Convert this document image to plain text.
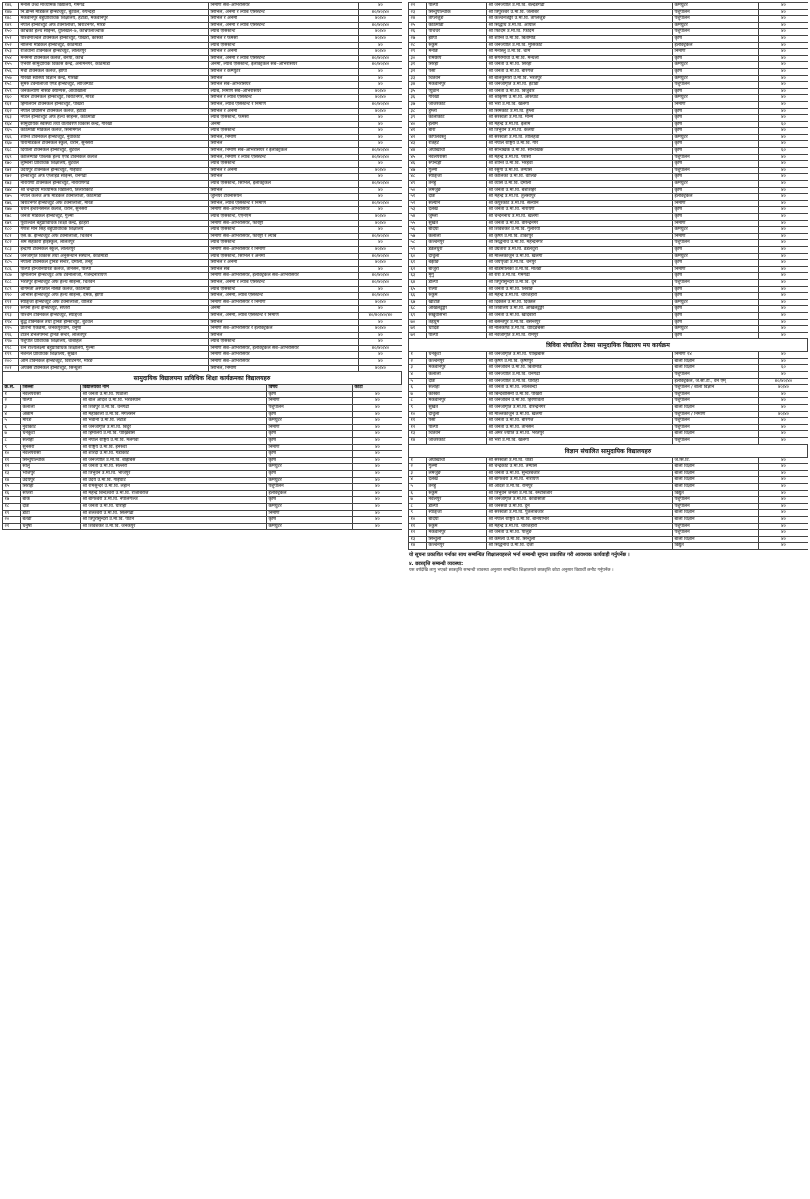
१४६	मनास उच्च माध्यमिक विद्यालय, गमगढ	निर्माण सब–ओभरसियर	४०
१४७	नि.डार्न्स मेडिकल इन्स्टिच्युट, बुटवल, रुपन्देही	सिभिल, अनमी र ल्याब एसिस्टेन्ट	४०/४०/४०
१४८	मकवानपुर बहुप्राविधिक शिक्षालय, हेटौंडा, मकवानपुर	सिभिल र अनमी	४०/४०
१४९	नेपाल ईन्स्टिच्युट अफ टेक्नोलोजी, बिराटनगर, मोरङ	सिभिल, अनमी र ल्याब एसिस्टेन्ट	४०/४०/४०
१५०	काभ्रेको हेल्थ साइन्स, धुलिखेल–७, काभ्रेपलाञ्चोक	ल्याब एसिस्टेन्ट	४०/४०
१५१	पश्चिमाञ्चल टेक्निकल इन्स्टिच्युट, पोखरा, कास्की	सिभिल र फर्मेसी	४०/४०
१५२	नालिना मेडिकल इन्स्टिच्युट, काठमाडौं	ल्याब एसिस्टेन्ट	४०
१५३	राजधानी टेक्निकल इन्स्टिच्युट, ललितपुर	सिभिल र अनमी	४०/४०
१५४	मनमनी टेक्निकल कलेज, बनेपा, काभ्रे	सिभिल, अनमी र ल्याब एसिस्टेन्ट	४०/४०/४०
१५५	एभरेष्ट सामुदायिक विकास केन्द्र, अनामनगर, काठमाडौं	अनमी, ल्याब एसिस्टेन्ट, इलेक्ट्रिकल सब–ओभरसियर	४०/४०/४०
१५६	मेची टेक्निकल कलेज, झापा	सिभिल र कम्प्युटर	४०
१५७	गोरखा स्वास्थ्य विज्ञान केन्द्र, गोरखा	सिभिल	४०
१५८	सुमेरु टेक्नोलोजी एण्ड इन्स्टिच्युट, लाजिम्पाट	सिभिल सब–ओभरसियर	४०
१५९	जनकल्याण नर्सिङ क्याम्पस, आँधीखोला	ल्याब, निर्माण सब–ओभरसियर	४०/४०
१६०	मोर्डन टेक्निकल इन्स्टिच्युट, बिराटनगर, मोरङ	सिभिल र ल्याब एसिस्टेन्ट	४०/४०
१६१	हिमालयन टेक्निकल इन्स्टिच्युट, पोखरा	सिभिल, ल्याब एसिस्टेन्ट र निर्माण	४०/४०/४०
१६२	नेपाल प्रोग्रेसिभ टेक्निकल कलेज, हेटौंडा	सिभिल र अनमी	४०/४०
१६३	नेपाल इन्स्टिच्युट अफ हेल्थ साइन्स, काठमाडौं	ल्याब एसिस्टेन्ट, फर्मेसी	४०
१६४	सामुदायिक स्वास्थ्य तथा वातावरण विकास केन्द्र, गोरखा	अनमी	४०
१६५	काठमाडौं मेडिकल कलेज, सिनामंगल	ल्याब एसिस्टेन्ट	४०
१६६	शान्ति टेक्निकल इन्स्टिच्युट, नुवाकोट	सिभिल, निर्माण	४०
१६७	पारामेडिकल टेक्निकल स्कुल, धरान, सुनसरी	सिभिल	४०
१६८	दियालो टेक्निकल इन्स्टिच्युट, बुटवल	सिभिल, निर्माण सब–ओभरसियर र इलेक्ट्रिकल	४०/४०/४०
१६९	कालिम्पाङ पब्लिक हेल्थ एण्ड टेक्निकल कलेज	सिभिल, निर्माण र ल्याब एसिस्टेन्ट	४०/४०/४०
१७०	लुम्बिनी प्राविधिक शिक्षालय, बुटवल	ल्याब एसिस्टेन्ट	४०
१७१	उदयपुर टेक्निकल इन्स्टिच्युट, गाईघाट	सिभिल र अनमी	४०/४०
१७२	इन्स्टिच्युट अफ एप्लाइड साइन्स, धनगढी	सिभिल	४०
१७३	नारायणी टेक्निकल इन्स्टिच्युट, नारायणगढ	ल्याब एसिस्टेन्ट, सिभिल, इलेक्ट्रिकल	४०/४०/४०
१७४	श्री चन्द्रोदय माध्यमिक विद्यालय, तिलौराकोट	सिभिल	४०
१७५	नेपाल कलेज अफ मेडिकल टेक्नोलोजी, काठमाडौं	जुनियर टेक्निसियन	४०
१७६	बिराटनगर इन्स्टिच्युट अफ टेक्नोलोजी, मोरङ	सिभिल, ल्याब एसिस्टेन्ट र निर्माण	४०/४०/४०
१७७	धरान इन्टरनेसनल कलेज, धरान, सुनसरी	निर्माण सब–ओभरसियर	४०
१७८	जनता मेडिकल इन्स्टिच्युट, गुल्मी	ल्याब एसिस्टेन्ट, एएनएम	४०/४०
१७९	पूर्वाञ्चल बहुप्राविधिक शिक्षा केन्द्र, इटहरी	निर्माण सब–ओभरसियर, फोरेष्ट्री	४०/४०
१८०	गणेश मान सिंह बहुप्राविधिक शिक्षालय	ल्याब एसिस्टेन्ट	४०
१८१	एस.के. इन्स्टिच्युट अफ टेक्नोलोजी, चितवन	निर्माण सब–ओभरसियर, फोरेष्ट्री र ल्याब	४०/४०/४०
१८२	श्रम सहकारी हाइस्कुल, ललितपुर	ल्याब एसिस्टेन्ट	४०
१८३	इन्द्रेणी टेक्निकल स्कुल, ललितपुर	निर्माण सब–ओभरसियर र निर्माण	४०/४०
१८४	जनजागृति विकास तथा अनुसन्धान संस्थान, काठमाडौं	ल्याब एसिस्टेन्ट, सिभिल र अनमी	४०/४०/४०
१८५	नेपाली टेक्निकल ट्रेनिङ सेन्टर, दमौली, तनहुँ	सिभिल र अनमी	४०/४०
१८६	पाल्पा इन्जिनियरिङ कलेज, तानसेन, पाल्पा	सिभिल सब	४०
१८७	हिमालयन इन्स्टिच्युट अफ टेक्नोलोजी, गजेन्द्रनारायण	निर्माण सब–ओभरसियर, इलेक्ट्रिकल सब–ओभरसियर	४०/४०/४०
१८८	भरतपुर इन्स्टिच्युट अफ हेल्थ साइन्स, चितवन	सिभिल, अनमी र ल्याब एसिस्टेन्ट	४०/४०/४०
१८९	बागमती अस्पताल नर्सिङ कलेज, काठमाडौं	ल्याब एसिस्टेन्ट	४०
१९०	आभास इन्स्टिच्युट अफ हेल्थ साइन्स, दमक, झापा	सिभिल, अनमी, ल्याब एसिस्टेन्ट	४०/४०/४०
१९१	स्याङ्जा इन्स्टिच्युट अफ टेक्नोलोजी, वालिङ	निर्माण सब–ओभरसियर र निर्माण	४०/४०
१९२	रूपनी हेल्थ इन्स्टिच्युट, सप्तरी	अनमी	४०
१९३	पश्चिम टेक्निकल इन्स्टिच्युट, स्याङ्जा	सिभिल, अनमी, ल्याब एसिस्टेन्ट र निर्माण	४०/४०/४०/४०
१९४	बुद्ध टेक्निकल तथा ट्रेनिङ इन्स्टिच्युट, बुटवल	सिभिल	४०
१९५	प्रतिभा एकेडेमी, जनकपुरधाम, धनुषा	निर्माण सब–ओभरसियर र इलेक्ट्रिकल	४०/४०
१९६	टाउन डेभलपमेन्ट ट्रेनिङ सेन्टर, ललितपुर	सिभिल	४०
१९७	पशुपति प्राविधिक शिक्षालय, चाबहिल	ल्याब एसिस्टेन्ट	४०
१९८	रत्न राज्यलक्ष्मी बहुप्राविधिक शिक्षालय, गुल्मी	निर्माण सब–ओभरसियर, इलेक्ट्रिकल सब–ओभरसियर	४०/४०/४०
१९९	नेशनल प्राविधिक शिक्षालय, सुर्खेत	निर्माण सब–ओभरसियर	४०
२००	ओम टेक्निकल इन्स्टिच्युट, विराटनगर, मोरङ	निर्माण सब–ओभरसियर	४०
२०१	अपेक्स टेक्निकल इन्स्टिच्युट, सिन्धुली	सिभिल, निर्माण	४०/४०
सामुदायिक विद्यालयमा प्राविधिक शिक्षा कार्यक्रमका विद्यालयहरु
क्र.सं.	जिल्ला	विद्यालयको नाम	विषय	कोटा
१	नवलपरासी	श्री जनता उ.मा.वि. पिठौली	कृषि	४०
२	पाल्पा	श्री बाल आदर्श उ.मा.वि. भैरवस्थान	निर्माण	४०
३	कैलाली	श्री शिवपुर उ.मा.वि. धनगढी	पशुपालन	४०
४	अछाम	श्री महाकाली उ.मा.वि. मंगलसेन	कृषि	४०
५	मोरङ	श्री भवानी उ.मा.वि. लेटाङ	कम्प्युटर	४०
६	नुवाकोट	श्री जनजागृति उ.मा.वि. बिदुर	निर्माण	४०
७	धनकुटा	श्री हिमालय उ.मा.वि. पाख्रिबास	कृषि	४०
८	सर्लाही	श्री नेपाल राष्ट्रिय उ.मा.वि. मलंगवा	कृषि	४०
९	सुनसरी	श्री राष्ट्रिय उ.मा.वि. इनरुवा	निर्माण	४०
१०	नवलपरासी	श्री शारदा उ.मा.वि. गैडाकोट	कृषि	४०
११	सिन्धुपाल्चोक	श्री जनज्योति उ.मा.वि. बाह्रबिसे	कृषि	४०
१२	सोलु	श्री जनता उ.मा.वि. सल्लेरी	कम्प्युटर	४०
१३	भोजपुर	श्री त्रिभुवन उ.मा.वि. भोजपुर	कृषि	४०
१४	उदयपुर	श्री उदय उ.मा.वि. गाईघाट	कम्प्युटर	४०
१५	सिराहा	श्री रामसुन्दर उ.मा.वि. लहान	पशुपालन	४०
१६	सप्तरी	श्री महेन्द्र बिन्देश्वरी उ.मा.वि. राजबिराज	इलेक्ट्रिकल	४०
१७	बाँके	श्री बागेश्वरी उ.मा.वि. नेपालगञ्ज	कृषि	४०
१८	दाङ	श्री जनता उ.मा.वि. घोराही	कम्प्युटर	४०
१९	डोटी	श्री शैलेश्वरी उ.मा.वि. सिलगढी	निर्माण	४०
२०	बैतडी	श्री त्रिपुरासुन्दरी उ.मा.वि. पाटन	कृषि	४०
२१	धनुषा	श्री शिवशंकर उ.मा.वि. जनकपुर	कम्प्युटर	४०
२२	पाल्पा	श्री जनज्योति उ.मा.वि. बल्दैङगढी	कम्प्युटर	४०
२३	सिन्धुपाल्चोक	श्री त्रिपुरेश्वर उ.मा.वि. जलबिरे	पशुपालन	४०
२४	ताप्लेजुङ	श्री कञ्चनजङ्घा उ.मा.वि. ताप्लेजुङ	पशुपालन	४०
२५	काठमाडौं	श्री सिद्धार्थ उ.मा.वि. आयालै	कम्प्युटर	४०
२६	पाँचथर	श्री फिदिम उ.मा.वि. फिदिम	पशुपालन	४०
२७	झापा	श्री शान्ति उ.मा.वि. बिर्तामोड	कृषि	४०
२८	रुकुम	श्री जनज्योति उ.मा.वि. मुसिकोट	इलेक्ट्रिकल	४०
२९	मनाङ	श्री मनास्लु उ.मा.वि. चामे	निर्माण	४०
३०	रामेछाप	श्री सगरमाथा उ.मा.वि. मन्थली	कृषि	४०
३१	सिरहा	श्री जनता उ.मा.वि. सिरहा	कम्प्युटर	४०
३२	पर्सा	श्री जनता उ.मा.वि. बीरगंज	कृषि	४०
३३	चितवन	श्री बालकुमारी उ.मा.वि. भरतपुर	कम्प्युटर	४०
३४	मकवानपुर	श्री जनजागृति उ.मा.वि. हेटौंडा	पशुपालन	४०
३५	प्युठान	श्री जनता उ.मा.वि. बिजुवार	कृषि	४०
३६	गोरखा	श्री श्रीकृष्ण उ.मा.वि. आरुघाट	कम्प्युटर	४०
३७	जाजरकोट	श्री भेरी उ.मा.वि. खलंगा	निर्माण	४०
३८	हुम्ला	श्री सिमकोट उ.मा.वि. हुम्ला	कृषि	४०
३९	कालीकोट	श्री सरस्वती उ.मा.वि. मान्म	कृषि	४०
४०	ईलाम	श्री महेन्द्र उ.मा.वि. ईलाम	कृषि	६०
४१	बारा	श्री त्रिभुवन उ.मा.वि. कलैया	कृषि	४०
४२	कपिलवस्तु	श्री सरस्वती उ.मा.वि. तौलिहवा	कम्प्युटर	४०
४३	रौतहट	श्री नेपाल राष्ट्रिय उ.मा.वि. गौर	कृषि	४०
४४	अर्घाखाँची	श्री सन्धिखर्क उ.मा.वि. सन्धिखर्क	कृषि	६०
४५	नवलपरासी	श्री महेन्द्र उ.मा.वि. परासी	पशुपालन	४०
४६	रुपन्देही	श्री शान्ति उ.मा.वि. भैरहवा	कृषि	४०
४७	गुल्मी	श्री रेसुंगा उ.मा.वि. तम्घास	पशुपालन	४०
४८	स्याङ्जा	श्री कालिका उ.मा.वि. वालिङ	कृषि	४०
४९	तनहुँ	श्री व्यास उ.मा.वि. दमौली	कम्प्युटर	४०
५०	लमजुङ	श्री जनता उ.मा.वि. बेशीशहर	कृषि	४०
५१	दाङ	श्री महेन्द्र उ.मा.वि. तुलसीपुर	इलेक्ट्रिकल	४०
५२	सल्यान	श्री कपुरकोट उ.मा.वि. सल्यान	निर्माण	४०
५३	दैलेख	श्री जनता उ.मा.वि. नारायण	कृषि	४०
५४	जुम्ला	श्री चन्दननाथ उ.मा.वि. खलंगा	कृषि	४०
५५	सुर्खेत	श्री जनता उ.मा.वि. वीरेन्द्रनगर	निर्माण	४०
५६	बर्दिया	श्री शिवशंकर उ.मा.वि. गुलरिया	कम्प्युटर	४०
५७	कैलाली	श्री कृष्ण उ.मा.वि. टीकापुर	निर्माण	४०
५८	कञ्चनपुर	श्री सिद्धनाथ उ.मा.वि. महेन्द्रनगर	पशुपालन	४०
५९	डडेलधुरा	श्री उग्रतारा उ.मा.वि. डडेलधुरा	कृषि	४०
६०	दार्चुला	श्री मल्लिकार्जुन उ.मा.वि. खलंगा	कम्प्युटर	४०
६१	बझाङ	श्री जयपृथ्वी उ.मा.वि. चैनपुर	कृषि	४०
६२	बाजुरा	श्री बडिमालिका उ.मा.वि. मार्तडी	निर्माण	४०
६३	मुगु	श्री रारा उ.मा.वि. गमगढी	कृषि	४०
६४	डोल्पा	श्री त्रिपुरासुन्दरी उ.मा.वि. दुनै	पशुपालन	४०
६५	रोल्पा	श्री जनता उ.मा.वि. लिबाङ	कृषि	४०
६६	रुकुम	श्री महेन्द्र उ.मा.वि. चौरजहारी	कृषि	४०
६७	खोटाङ	श्री दिक्तेल उ.मा.वि. दिक्तेल	कम्प्युटर	४०
६८	ओखलढुङ्गा	श्री शिवालय उ.मा.वि. ओखलढुङ्गा	कृषि	४०
६९	संखुवासभा	श्री जनता उ.मा.वि. खाँदबारी	कृषि	४०
७०	तेह्रथुम	श्री बसन्तपुर उ.मा.वि. बसन्तपुर	कृषि	४०
७१	धादिङ	श्री नीलकण्ठ उ.मा.वि. धादिङबेसी	कम्प्युटर	४०
७२	पाल्पा	श्री नवजागृति उ.मा.वि. रामपुर	कृषि	४०
त्रिविवा संचालित टेक्सा सामुदायिक विद्यालय मय कार्यक्रम
१	धनकुटा	श्री जनजागृति उ.मा.वि. पाख्रिबास	निर्माण १४	४०
२	कञ्चनपुर	श्री कृष्ण उ.मा.वि. कृष्णपुर	बाली विज्ञान	४०
३	मकवानपुर	श्री जनजीवन उ.मा.वि. बिर्तामोड	बाली विज्ञान	६०
४	कैलाली	श्री जनज्योति उ.मा.वि. धनगढी	पशुपालन	४०
५	दाङ	श्री जनज्योति उ.मा.वि. घोराही	इलेक्ट्रिकल, जे.सी.टी., वन एम्	४०/४०/४०
६	सर्लाही	श्री जनता उ.मा.वि. लालबन्दी	पशुपालन / बाली विज्ञान	४०/४०
७	कास्की	श्री बिन्दबासिनी उ.मा.वि. पोखरा	पशुपालन	४०
८	मकवानपुर	श्री जनजीवन उ.मा.वि. हिरणावती	पशुपालन	४०
९	सुर्खेत	श्री जनजागृति उ.मा.वि. वीरेन्द्रनगर	बाली विज्ञान	४०
१०	दार्चुला	श्री मल्लिकार्जुन उ.मा.वि. खलंगा	पशुपालन / निर्माण	४०/४०
११	पर्सा	श्री जनता उ.मा.वि. बीरगंज	पशुपालन	४०
१२	पाल्पा	श्री जनता उ.मा.वि. तानसेन	पशुपालन	४०
१३	चितवन	श्री अमर ज्योति उ.मा.वि. भरतपुर	बाली विज्ञान	४०
१४	जाजरकोट	श्री भेरी उ.मा.वि. खलंगा	पशुपालन	४०
विज्ञान संचालित सामुदायिक विद्यालयहरु
१	अर्घाखाँची	श्री सरस्वती उ.मा.वि. थाडा	जे.सि.टि.	४०
२	गुल्मी	श्री चन्द्रकोट उ.मा.वि. तम्घास	बाली विज्ञान	४०
३	लमजुङ	श्री जनता उ.मा.वि. सुन्दरबजार	बाली विज्ञान	४०
४	दैलेख	श्री बागेश्वरी उ.मा.वि. नारायण	बाली विज्ञान	४०
५	तनहुँ	श्री आदर्श उ.मा.वि. रामपुर	बाली विज्ञान	४०
६	रुकुम	श्री त्रिभुवन जनता उ.मा.वि. रुम्टीबजार	विद्युत	४०
७	नवलपुर	श्री जनजागृति उ.मा.वि. कावासोती	पशुपालन	४०
८	डोल्पा	श्री जनसेवा उ.मा.वि. दुनै	पशुपालन	४०
९	स्याङ्जा	श्री सरस्वती उ.मा.वि. पुतलीबजार	बाली विज्ञान	४०
१०	बर्दिया	श्री नेपाल राष्ट्रिय उ.मा.वि. बनियाभार	बाली विज्ञान	४०
११	रुकुम	श्री महेन्द्र उ.मा.वि. चौरजहारी	पशुपालन	४०
१२	मकवानपुर	श्री जनता उ.मा.वि. पालुङ	पशुपालन	४०
१३	सिन्धुली	श्री कमला उ.मा.वि. सिन्धुली	बाली विज्ञान	४०
१४	कञ्चनपुर	श्री सिद्धनाथ उ.मा.वि. दैजी	विद्युत	४०
यो सूचना प्रकाशित गर्नाका साथ सम्बन्धित शिक्षालयहरुले भर्ना सम्बन्धी सूचना प्रकाशित गरी आवश्यक कार्यवाही गर्नुपर्नेछ ।
४. छात्रवृत्ति सम्बन्धी व्यवस्था:
यस वर्षदेखि लागु भएको छात्रवृत्ति सम्बन्धी व्यवस्था अनुसार सम्बन्धित शिक्षालयले छात्रवृत्ति कोटा अनुसार विद्यार्थी छनौट गर्नुपर्नेछ ।
